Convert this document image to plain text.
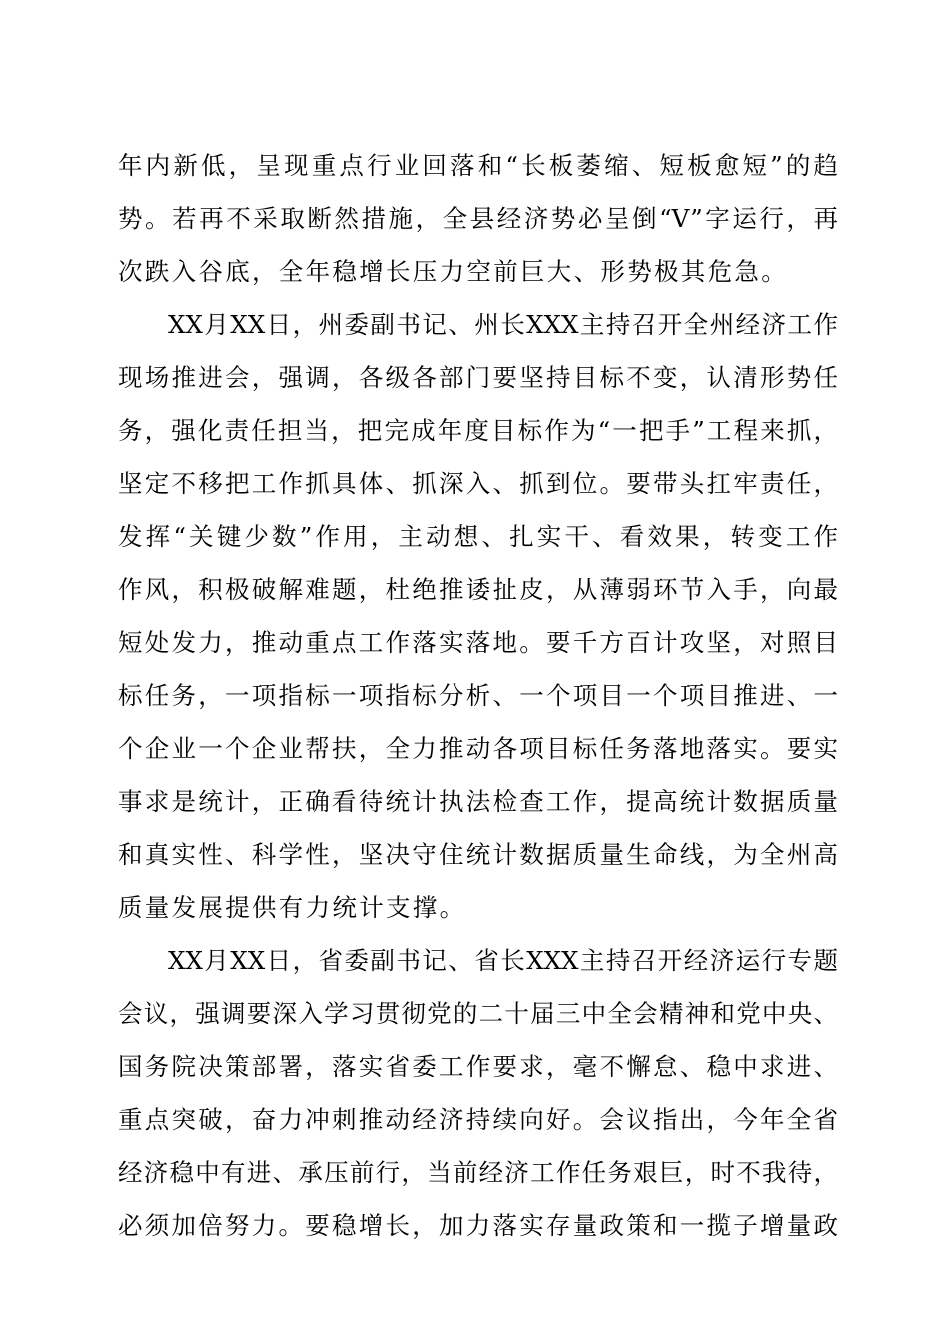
年内新低，呈现重点行业回落和“长板萎缩、短板愈短”的趋
势。若再不采取断然措施，全县经济势必呈倒“V”字运行，再
次跌入谷底，全年稳增长压力空前巨大、形势极其危急。
XX月XX日，州委副书记、州长XXX主持召开全州经济工作
现场推进会，强调，各级各部门要坚持目标不变，认清形势任
务，强化责任担当，把完成年度目标作为“一把手”工程来抓，
坚定不移把工作抓具体、抓深入、抓到位。要带头扛牢责任，
发挥“关键少数”作用，主动想、扎实干、看效果，转变工作
作风，积极破解难题，杜绝推诿扯皮，从薄弱环节入手，向最
短处发力，推动重点工作落实落地。要千方百计攻坚，对照目
标任务，一项指标一项指标分析、一个项目一个项目推进、一
个企业一个企业帮扶，全力推动各项目标任务落地落实。要实
事求是统计，正确看待统计执法检查工作，提高统计数据质量
和真实性、科学性，坚决守住统计数据质量生命线，为全州高
质量发展提供有力统计支撑。
XX月XX日，省委副书记、省长XXX主持召开经济运行专题
会议，强调要深入学习贯彻党的二十届三中全会精神和党中央、
国务院决策部署，落实省委工作要求，毫不懈怠、稳中求进、
重点突破，奋力冲刺推动经济持续向好。会议指出，今年全省
经济稳中有进、承压前行，当前经济工作任务艰巨，时不我待，
必须加倍努力。要稳增长，加力落实存量政策和一揽子增量政
